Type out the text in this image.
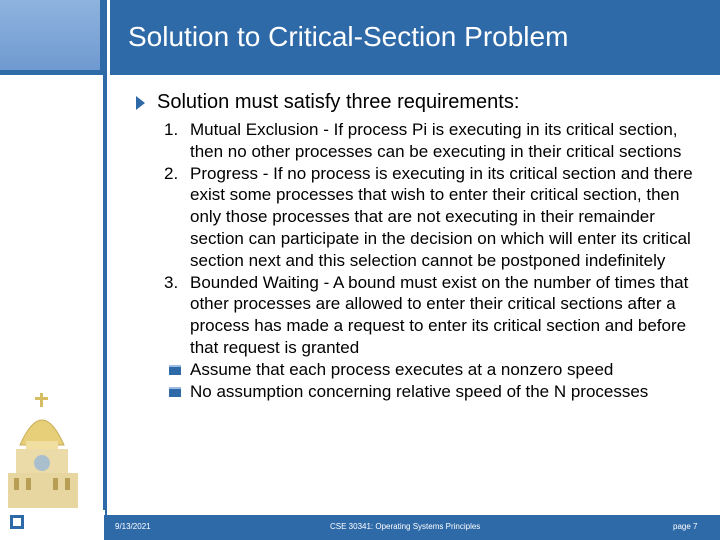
Solution to Critical-Section Problem
Solution must satisfy three requirements:
1. Mutual Exclusion - If process Pi is executing in its critical section, then no other processes can be executing in their critical sections
2. Progress - If no process is executing in its critical section and there exist some processes that wish to enter their critical section, then only those processes that are not executing in their remainder section can participate in the decision on which will enter its critical section next and this selection cannot be postponed indefinitely
3. Bounded Waiting - A bound must exist on the number of times that other processes are allowed to enter their critical sections after a process has made a request to enter its critical section and before that request is granted
Assume that each process executes at a nonzero speed
No assumption concerning relative speed of the N processes
9/13/2021	CSE 30341: Operating Systems Principles	page 7
